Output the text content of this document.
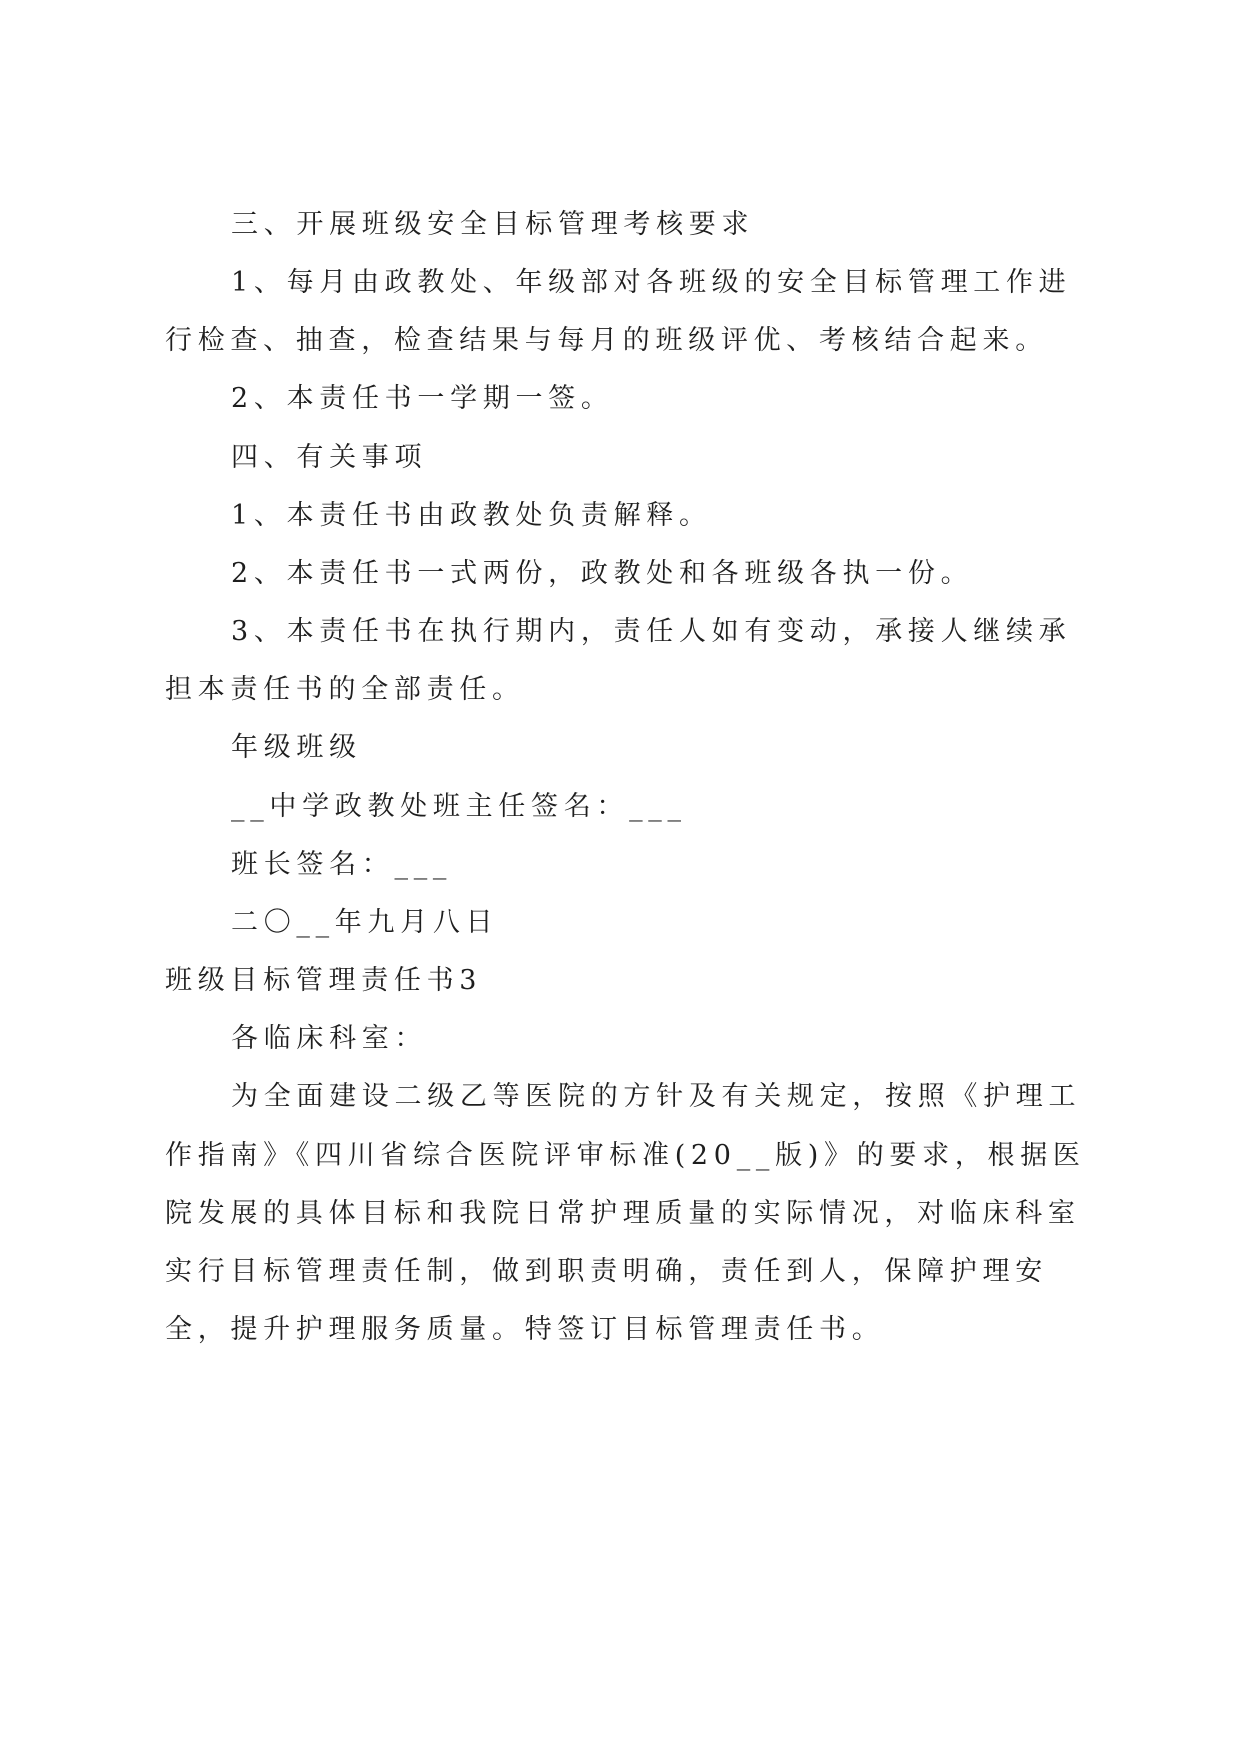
三、开展班级安全目标管理考核要求
1、每月由政教处、年级部对各班级的安全目标管理工作进
行检查、抽查，检查结果与每月的班级评优、考核结合起来。
2、本责任书一学期一签。
四、有关事项
1、本责任书由政教处负责解释。
2、本责任书一式两份，政教处和各班级各执一份。
3、本责任书在执行期内，责任人如有变动，承接人继续承
担本责任书的全部责任。
年级班级
__中学政教处班主任签名：___
班长签名：___
二〇__年九月八日
班级目标管理责任书3
各临床科室：
为全面建设二级乙等医院的方针及有关规定，按照《护理工
作指南》《四川省综合医院评审标准(20__版)》的要求，根据医
院发展的具体目标和我院日常护理质量的实际情况，对临床科室
实行目标管理责任制，做到职责明确，责任到人，保障护理安
全，提升护理服务质量。特签订目标管理责任书。
